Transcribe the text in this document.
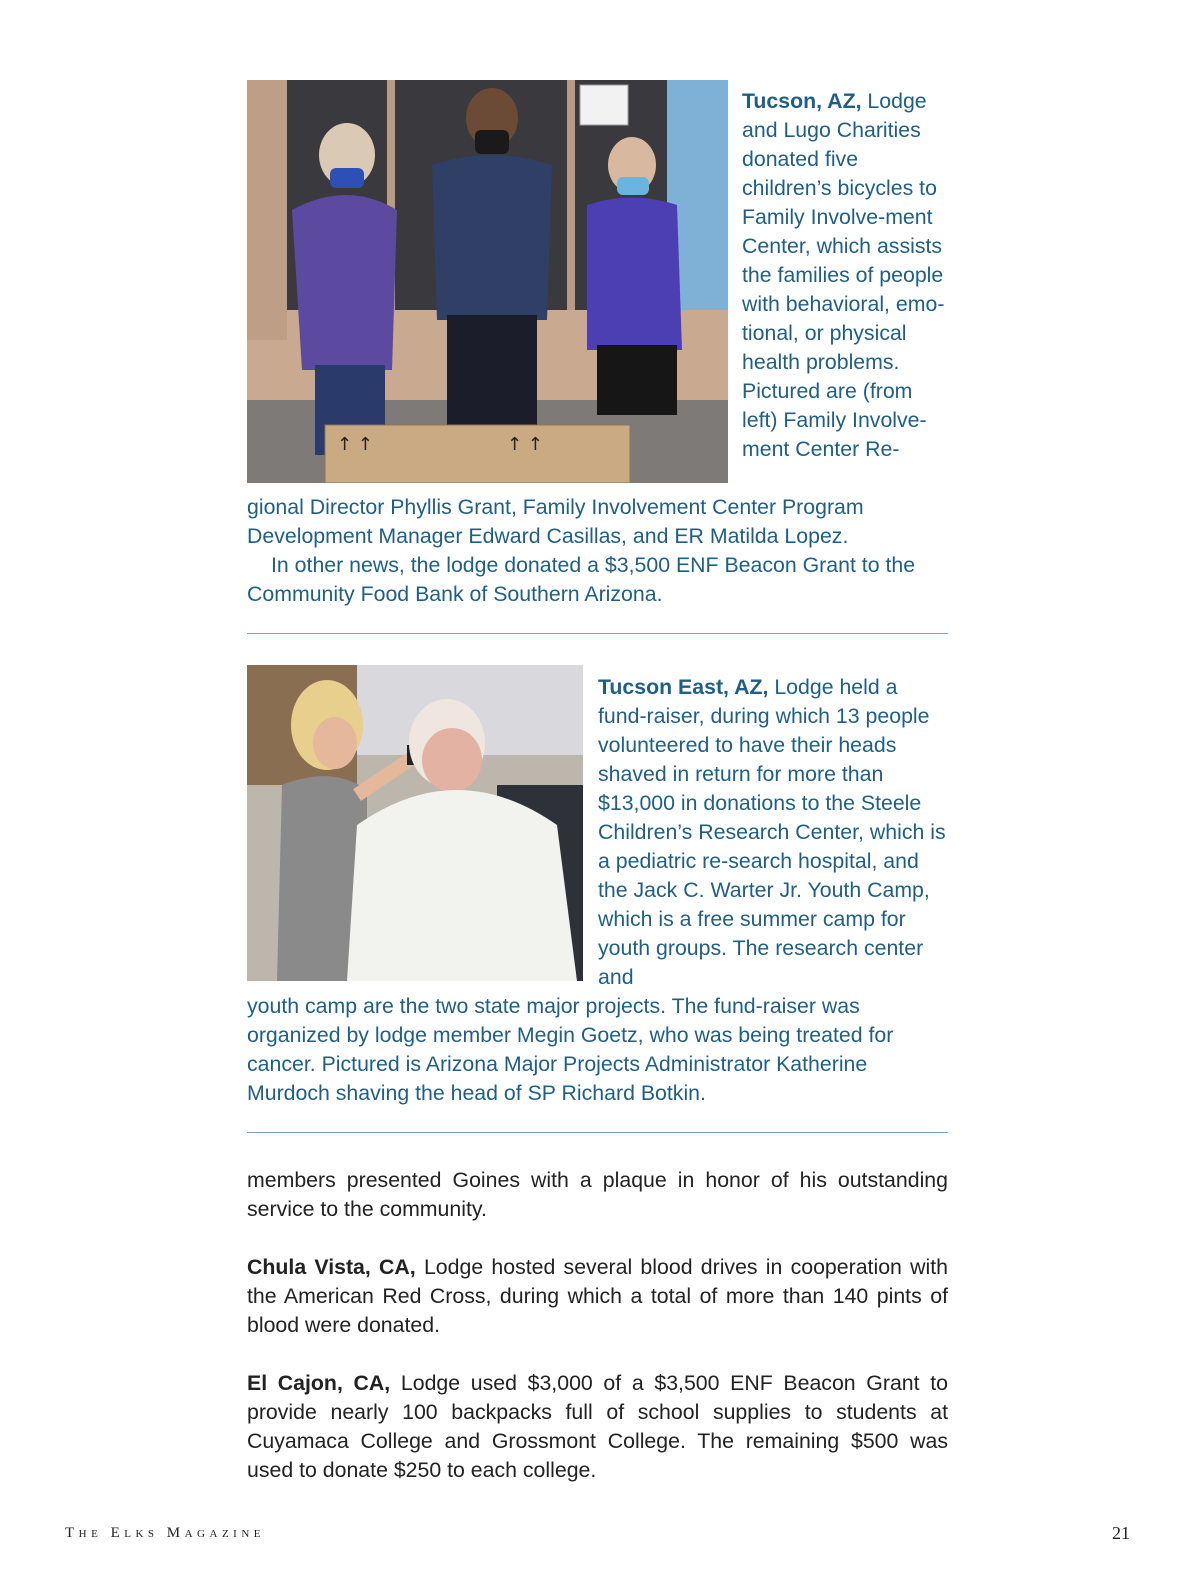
↑ ↑	↑ ↑
Tucson, AZ, Lodge and Lugo Charities donated five children’s bicycles to Family Involve-ment Center, which assists the families of people with behavioral, emo-tional, or physical health problems. Pictured are (from left) Family Involve-ment Center Re-

gional Director Phyllis Grant, Family Involvement Center Program Development Manager Edward Casillas, and ER Matilda Lopez.

In other news, the lodge donated a $3,500 ENF Beacon Grant to the Community Food Bank of Southern Arizona.

Tucson East, AZ, Lodge held a fund-raiser, during which 13 people volunteered to have their heads shaved in return for more than $13,000 in donations to the Steele Children’s Research Center, which is a pediatric re-search hospital, and the Jack C. Warter Jr. Youth Camp, which is a free summer camp for youth groups. The research center and

youth camp are the two state major projects. The fund-raiser was organized by lodge member Megin Goetz, who was being treated for cancer. Pictured is Arizona Major Projects Administrator Katherine Murdoch shaving the head of SP Richard Botkin.

members presented Goines with a plaque in honor of his outstanding service to the community.

Chula Vista, CA, Lodge hosted several blood drives in cooperation with the American Red Cross, during which a total of more than 140 pints of blood were donated.

El Cajon, CA, Lodge used $3,000 of a $3,500 ENF Beacon Grant to provide nearly 100 backpacks full of school supplies to students at Cuyamaca College and Grossmont College. The remaining $500 was used to donate $250 to each college.

The Elks Magazine	21
